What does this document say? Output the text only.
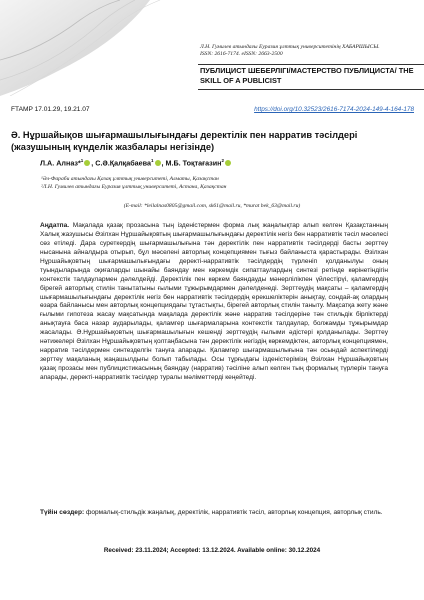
Л.Н. Гумилев атындағы Еуразия ұлттық университетінің ХАБАРШЫСЫ.
ISSN: 2616-7174. eISSN: 2663-2500
ПУБЛИЦИСТ ШЕБЕРЛІГІ/МАСТЕРСТВО ПУБЛИЦИСТА/ THE SKILL OF A PUBLICIST
FTAMP 17.01.29, 19.21.07	https://doi.org/10.32523/2616-7174-2024-149-4-164-178
Ә. Нұршайықов шығармашылығындағы деректілік пен нарратив тәсілдері (жазушының күнделік жазбалары негізінде)
Л.А. Алназ*$^1$ , С.Ә.Қалқабаева$^1$ , М.Б. Тоқтағазин$^2$
¹Әл-Фараби атындағы Қазақ ұлттық университеті, Алматы, Қазақстан
²Л.Н. Гумилев атындағы Еуразия ұлттық университеті, Астана, Қазақстан
(E-mail: *leilalnas0805@gmail.com, sk61@mail.ru, *murat bek_63@mail.ru)
Аңдатпа. Мақалада қазақ прозасына тың ізденістермен форма лық жаңалықтар алып келген Қазақстанның Халық жазушысы Әзілхан Нұршайықовтың шығармашылығындағы деректілік негіз бен нарративтік тәсіл мәселесі сөз етіледі. Дара суреткердің шығармашылығына тән деректілік пен нарративтік тәсілдерді басты зерттеу нысанына айналдыра отырып, бұл мәселені авторлық концепциямен тығыз байланыста қарастырады. Әзілхан Нұршайықовтың шығармашылығындағы деректі-нарративтік тәсілдердің түрленіп қолданылуы оның туындыларында оқиғаларды шынайы баяндау мен көркемдік сипаттаулардың синтезі ретінде көрінетіндігін контекстік талдаулармен дәлелдейді. Деректілік пен көркем баяндауды мәнерлілікпен үйлестірүі, қаламгердің бірегей авторлық стилін танытатыны ғылыми тұжырымдармен дәлелденеді. Зерттеудің мақсаты – қаламгердің шығармашылығындағы деректілік негіз бен нарративтік тәсілдердің ерекшеліктерін анықтау, сондай-ақ олардың өзара байланысы мен авторлық концепциядағы тұтастықты, бірегей авторлық стилін таныту. Мақсатқа жету және ғылыми гипотеза жасау мақсатында мақалада деректілік және нарратив тәсілдеріне тән стильдік бірліктерді анықтауға баса назар аударылады, қаламгер шығармаларына контекстік талдаулар, болжамды тұжырымдар жасалады. Ә.Нұршайықовтың шығармашылығын кешенді зерттеудің ғылыми әдістері қолданылады. Зерттеу нәтижелері Әзілхан Нұршайықовтың қолтаңбасына тән деректілік негіздің көркемдіктен, авторлық концепциямен, нарратив тәсілдермен синтезделгін тануға апарады. Қаламгер шығармашылығына тән осындай аспектілерді зерттеу мақаланың жаңашылдығы болып табылады. Осы тұрғыдағы ізденістерімізң Әзілхан Нұршайықовтың қазақ прозасы мен публицистикасының баяндау (нарратив) тәсіліне алып келген тың формалық түрлерін тануға апарады, деректі-нарративтік тәсілдер туралы мәліметтерді кеңейтеді.
Түйін сөздер: формалық-стильдік жаңалық, деректілік, нарративтік тәсіл, авторлық концепция, авторлық стиль.
Received: 23.11.2024; Accepted: 13.12.2024. Available online: 30.12.2024
